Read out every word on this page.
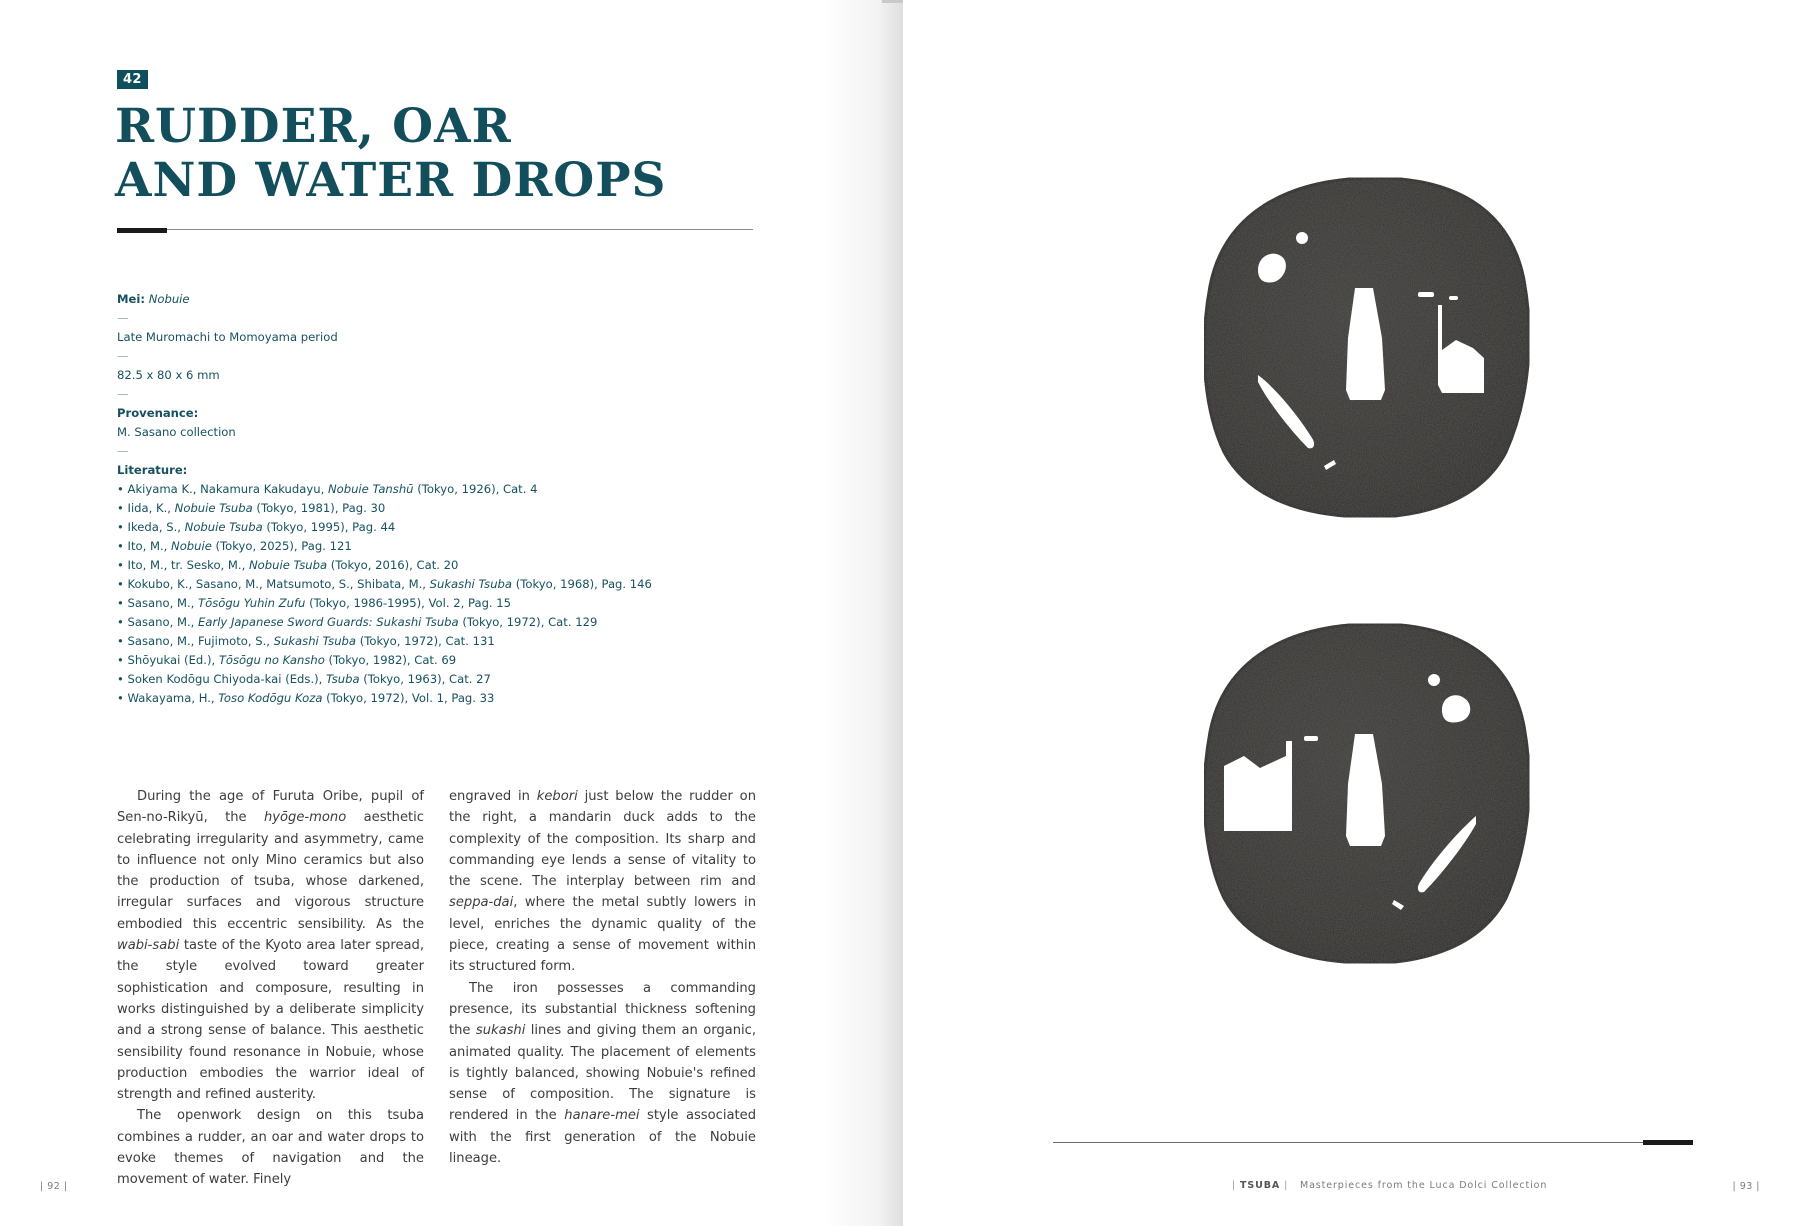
42
RUDDER, OAR
AND WATER DROPS
Mei: Nobuie
—
Late Muromachi to Momoyama period
—
82.5 x 80 x 6 mm
—
Provenance:
M. Sasano collection
—
Literature:
• Akiyama K., Nakamura Kakudayu, Nobuie Tanshū (Tokyo, 1926), Cat. 4
• Iida, K., Nobuie Tsuba (Tokyo, 1981), Pag. 30
• Ikeda, S., Nobuie Tsuba (Tokyo, 1995), Pag. 44
• Ito, M., Nobuie (Tokyo, 2025), Pag. 121
• Ito, M., tr. Sesko, M., Nobuie Tsuba (Tokyo, 2016), Cat. 20
• Kokubo, K., Sasano, M., Matsumoto, S., Shibata, M., Sukashi Tsuba (Tokyo, 1968), Pag. 146
• Sasano, M., Tōsōgu Yuhin Zufu (Tokyo, 1986-1995), Vol. 2, Pag. 15
• Sasano, M., Early Japanese Sword Guards: Sukashi Tsuba (Tokyo, 1972), Cat. 129
• Sasano, M., Fujimoto, S., Sukashi Tsuba (Tokyo, 1972), Cat. 131
• Shōyukai (Ed.), Tōsōgu no Kansho (Tokyo, 1982), Cat. 69
• Soken Kodōgu Chiyoda-kai (Eds.), Tsuba (Tokyo, 1963), Cat. 27
• Wakayama, H., Toso Kodōgu Koza (Tokyo, 1972), Vol. 1, Pag. 33

During the age of Furuta Oribe, pupil of Sen-no-Rikyū, the hyōge-mono aesthetic celebrating irregularity and asymmetry, came to influence not only Mino ceramics but also the production of tsuba, whose darkened, irregular surfaces and vigorous structure embodied this eccentric sensibility. As the wabi-sabi taste of the Kyoto area later spread, the style evolved toward greater sophistication and composure, resulting in works distinguished by a deliberate simplicity and a strong sense of balance. This aesthetic sensibility found resonance in Nobuie, whose production embodies the warrior ideal of strength and refined austerity.

The openwork design on this tsuba combines a rudder, an oar and water drops to evoke themes of navigation and the movement of water. Finely

engraved in kebori just below the rudder on the right, a mandarin duck adds to the complexity of the composition. Its sharp and commanding eye lends a sense of vitality to the scene. The interplay between rim and seppa-dai, where the metal subtly lowers in level, enriches the dynamic quality of the piece, creating a sense of movement within its structured form.

The iron possesses a commanding presence, its substantial thickness softening the sukashi lines and giving them an organic, animated quality. The placement of elements is tightly balanced, showing Nobuie's refined sense of composition. The signature is rendered in the hanare-mei style associated with the first generation of the Nobuie lineage.

| 92 |	| TSUBA | Masterpieces from the Luca Dolci Collection	| 93 |
